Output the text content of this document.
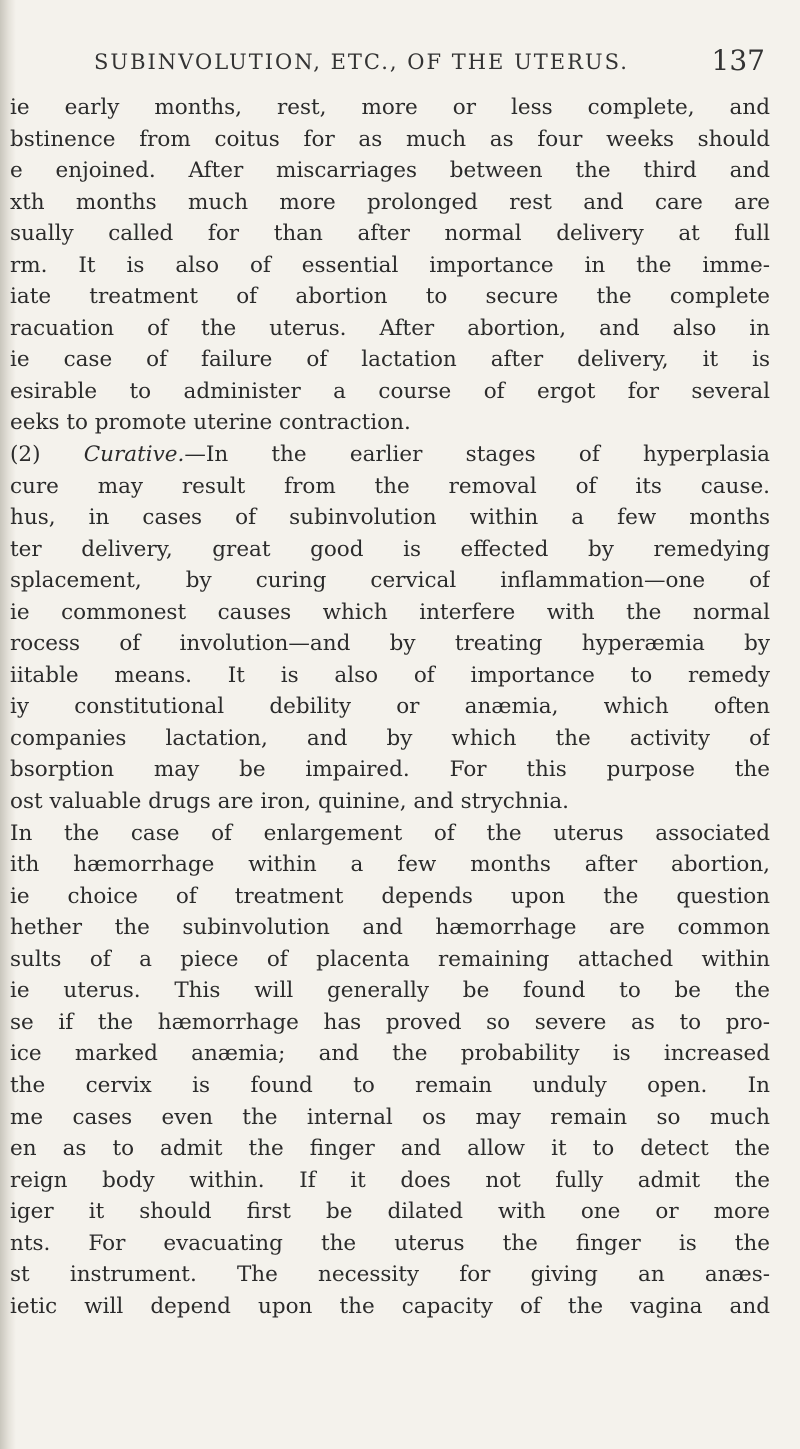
SUBINVOLUTION, ETC., OF THE UTERUS.	137
ie early months, rest, more or less complete, and
bstinence from coitus for as much as four weeks should
e enjoined. After miscarriages between the third and
xth months much more prolonged rest and care are
sually called for than after normal delivery at full
rm. It is also of essential importance in the imme-
iate treatment of abortion to secure the complete
racuation of the uterus. After abortion, and also in
ie case of failure of lactation after delivery, it is
esirable to administer a course of ergot for several
eeks to promote uterine contraction.
(2) Curative.—In the earlier stages of hyperplasia
cure may result from the removal of its cause.
hus, in cases of subinvolution within a few months
ter delivery, great good is effected by remedying
splacement, by curing cervical inflammation—one of
ie commonest causes which interfere with the normal
rocess of involution—and by treating hyperæmia by
iitable means. It is also of importance to remedy
iy constitutional debility or anæmia, which often
companies lactation, and by which the activity of
bsorption may be impaired. For this purpose the
ost valuable drugs are iron, quinine, and strychnia.
In the case of enlargement of the uterus associated
ith hæmorrhage within a few months after abortion,
ie choice of treatment depends upon the question
hether the subinvolution and hæmorrhage are common
sults of a piece of placenta remaining attached within
ie uterus. This will generally be found to be the
se if the hæmorrhage has proved so severe as to pro-
ice marked anæmia; and the probability is increased
the cervix is found to remain unduly open. In
me cases even the internal os may remain so much
en as to admit the finger and allow it to detect the
reign body within. If it does not fully admit the
iger it should first be dilated with one or more
nts. For evacuating the uterus the finger is the
st instrument. The necessity for giving an anæs-
ietic will depend upon the capacity of the vagina and
